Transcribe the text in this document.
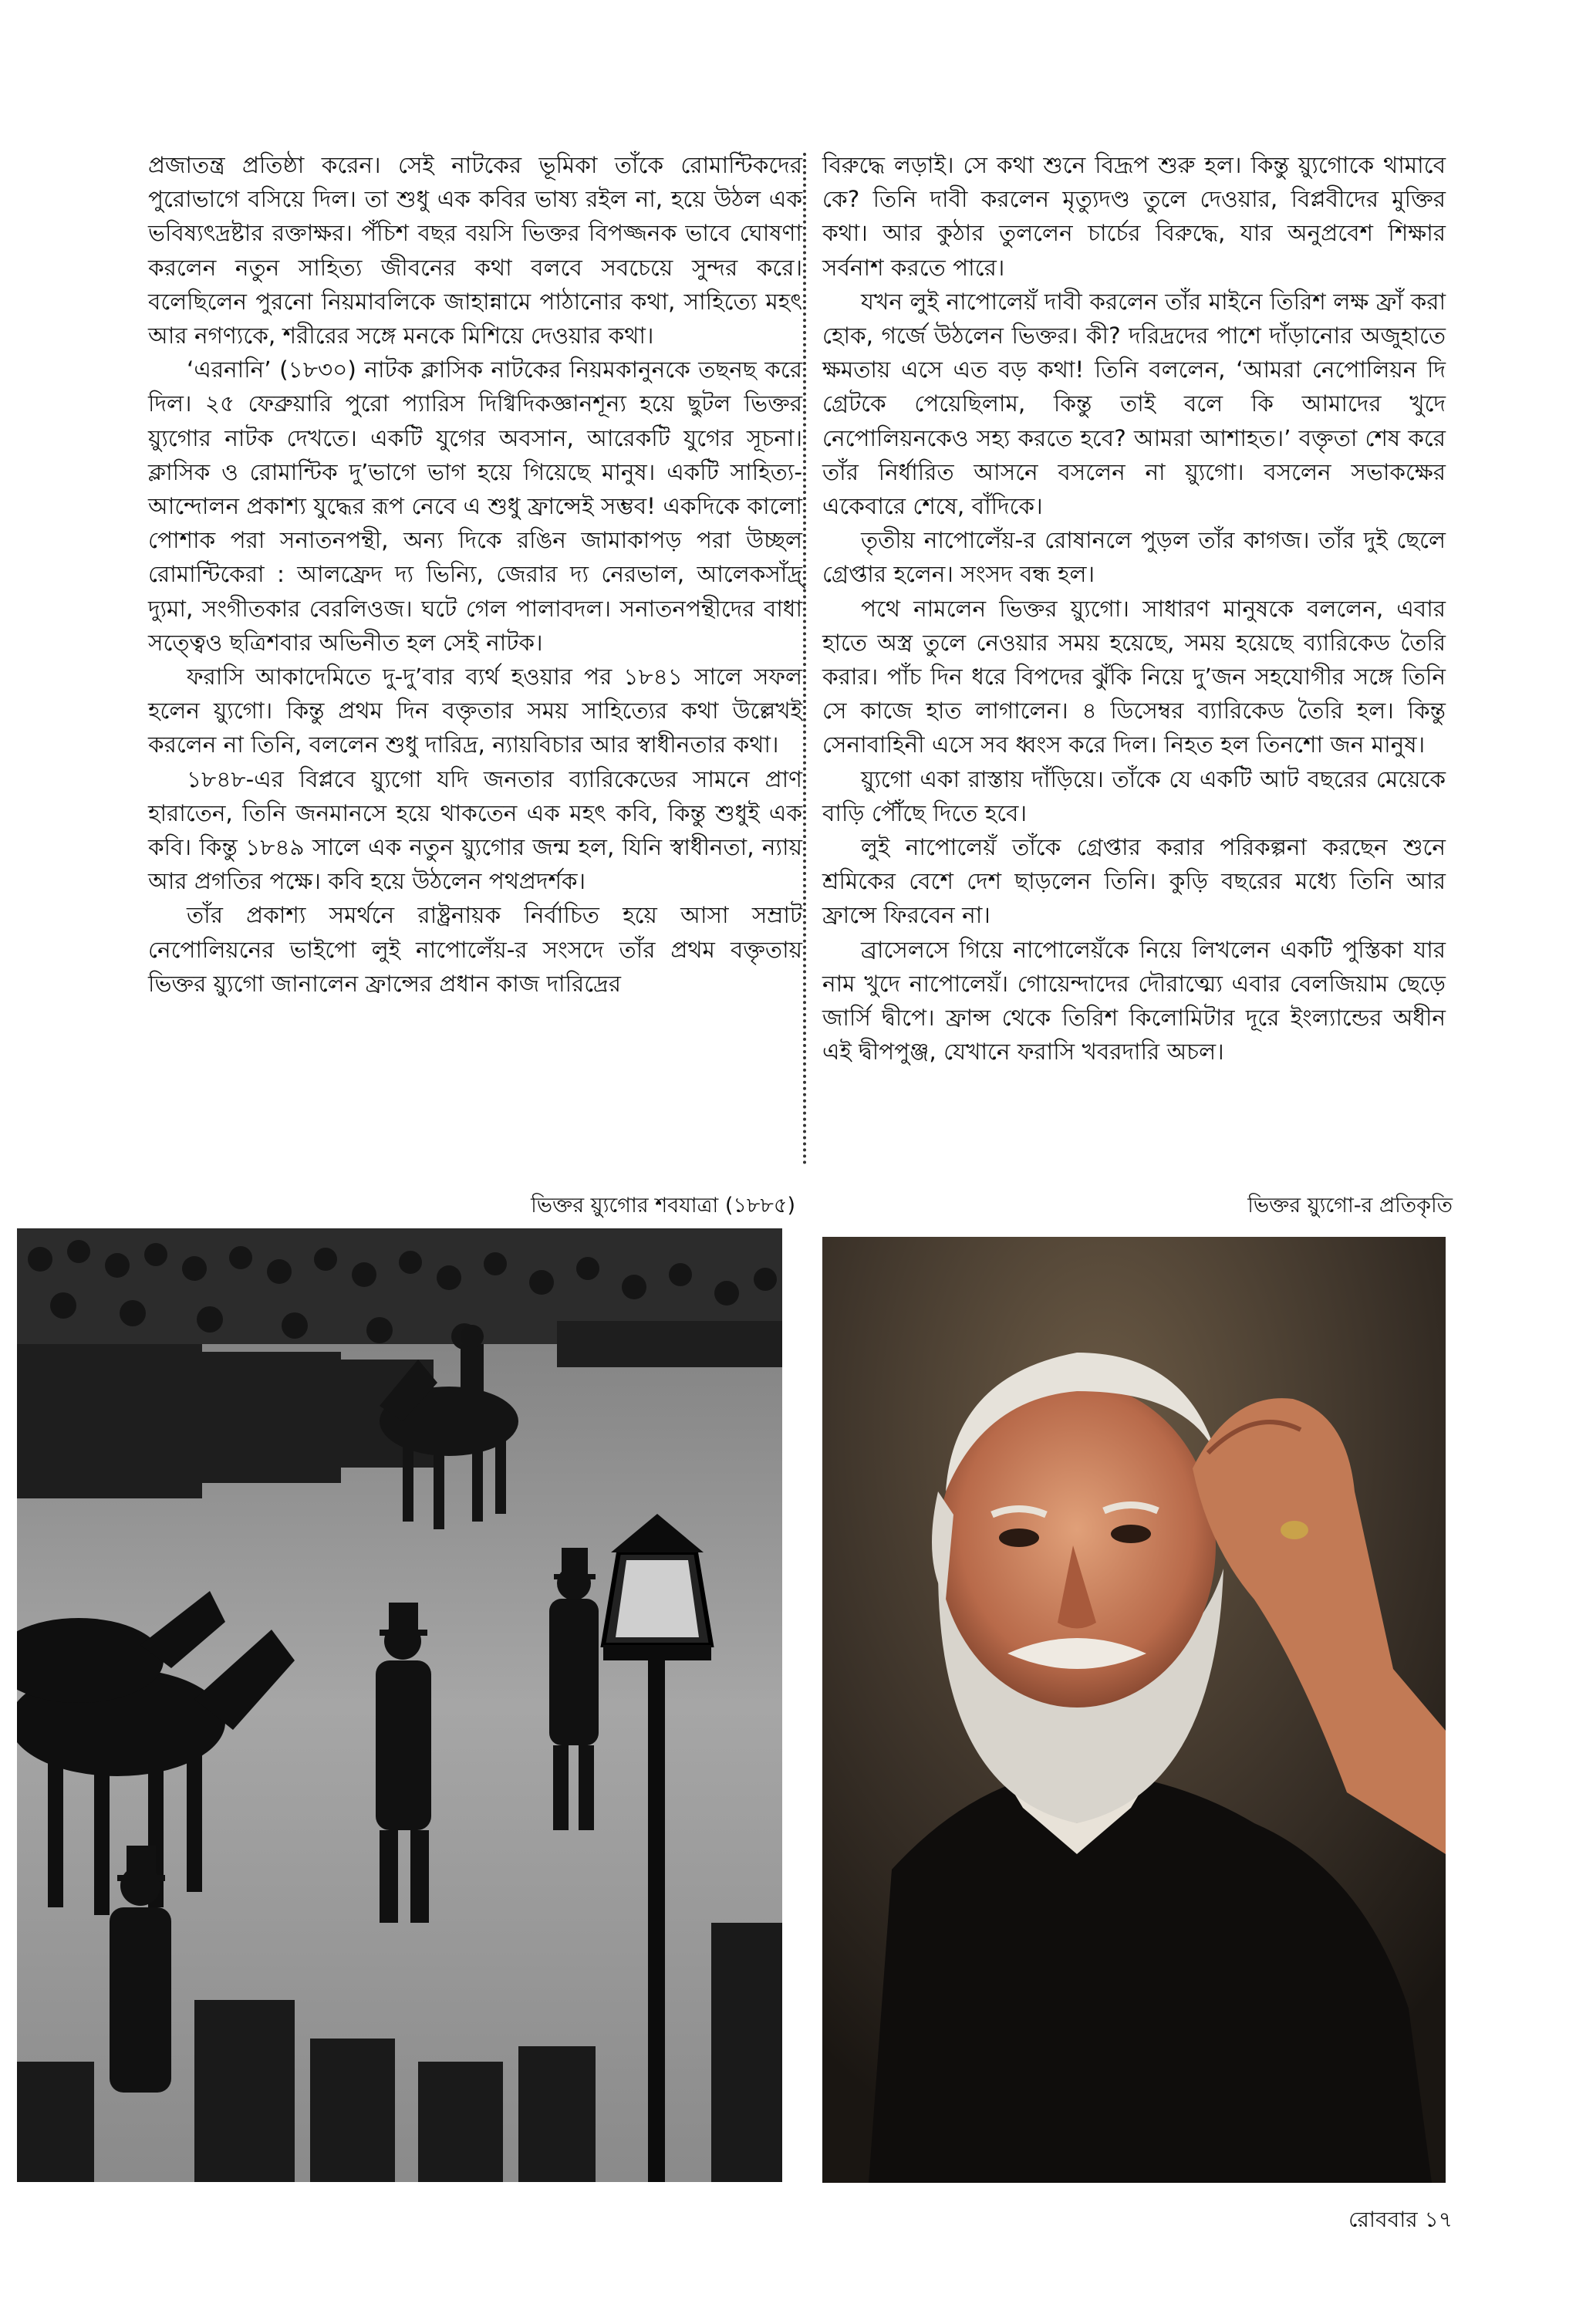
প্রজাতন্ত্র প্রতিষ্ঠা করেন। সেই নাটকের ভূমিকা তাঁকে রোমান্টিকদের পুরোভাগে বসিয়ে দিল। তা শুধু এক কবির ভাষ্য রইল না, হয়ে উঠল এক ভবিষ্যৎদ্রষ্টার রক্তাক্ষর। পঁচিশ বছর বয়সি ভিক্তর বিপজ্জনক ভাবে ঘোষণা করলেন নতুন সাহিত্য জীবনের কথা বলবে সবচেয়ে সুন্দর করে। বলেছিলেন পুরনো নিয়মাবলিকে জাহান্নামে পাঠানোর কথা, সাহিত্যে মহৎ আর নগণ্যকে, শরীরের সঙ্গে মনকে মিশিয়ে দেওয়ার কথা।

‘এরনানি’ (১৮৩০) নাটক ক্লাসিক নাটকের নিয়মকানুনকে তছনছ করে দিল। ২৫ ফেব্রুয়ারি পুরো প্যারিস দিগ্বিদিকজ্ঞানশূন্য হয়ে ছুটল ভিক্তর য়্যুগোর নাটক দেখতে। একটি যুগের অবসান, আরেকটি যুগের সূচনা। ক্লাসিক ও রোমান্টিক দু’ভাগে ভাগ হয়ে গিয়েছে মানুষ। একটি সাহিত্য-আন্দোলন প্রকাশ্য যুদ্ধের রূপ নেবে এ শুধু ফ্রান্সেই সম্ভব! একদিকে কালো পোশাক পরা সনাতনপন্থী, অন্য দিকে রঙিন জামাকাপড় পরা উচ্ছল রোমান্টিকেরা : আলফ্রেদ দ্য ভিন্যি, জেরার দ্য নেরভাল, আলেকসাঁদ্র্ দ্যুমা, সংগীতকার বেরলিওজ। ঘটে গেল পালাবদল। সনাতনপন্থীদের বাধা সত্ত্বেও ছত্রিশবার অভিনীত হল সেই নাটক।

ফরাসি আকাদেমিতে দু-দু’বার ব্যর্থ হওয়ার পর ১৮৪১ সালে সফল হলেন য়্যুগো। কিন্তু প্রথম দিন বক্তৃতার সময় সাহিত্যের কথা উল্লেখই করলেন না তিনি, বললেন শুধু দারিদ্র, ন্যায়বিচার আর স্বাধীনতার কথা।

১৮৪৮-এর বিপ্লবে য়্যুগো যদি জনতার ব্যারিকেডের সামনে প্রাণ হারাতেন, তিনি জনমানসে হয়ে থাকতেন এক মহৎ কবি, কিন্তু শুধুই এক কবি। কিন্তু ১৮৪৯ সালে এক নতুন য়্যুগোর জন্ম হল, যিনি স্বাধীনতা, ন্যায় আর প্রগতির পক্ষে। কবি হয়ে উঠলেন পথপ্রদর্শক।

তাঁর প্রকাশ্য সমর্থনে রাষ্ট্রনায়ক নির্বাচিত হয়ে আসা সম্রাট নেপোলিয়নের ভাইপো লুই নাপোলেঁয়-র সংসদে তাঁর প্রথম বক্তৃতায় ভিক্তর য়্যুগো জানালেন ফ্রান্সের প্রধান কাজ দারিদ্রের

বিরুদ্ধে লড়াই। সে কথা শুনে বিদ্রূপ শুরু হল। কিন্তু য়্যুগোকে থামাবে কে? তিনি দাবী করলেন মৃত্যুদণ্ড তুলে দেওয়ার, বিপ্লবীদের মুক্তির কথা। আর কুঠার তুললেন চার্চের বিরুদ্ধে, যার অনুপ্রবেশ শিক্ষার সর্বনাশ করতে পারে।

যখন লুই নাপোলেয়ঁ দাবী করলেন তাঁর মাইনে তিরিশ লক্ষ ফ্রাঁ করা হোক, গর্জে উঠলেন ভিক্তর। কী? দরিদ্রদের পাশে দাঁড়ানোর অজুহাতে ক্ষমতায় এসে এত বড় কথা! তিনি বললেন, ‘আমরা নেপোলিয়ন দি গ্রেটকে পেয়েছিলাম, কিন্তু তাই বলে কি আমাদের খুদে নেপোলিয়নকেও সহ্য করতে হবে? আমরা আশাহত।’ বক্তৃতা শেষ করে তাঁর নির্ধারিত আসনে বসলেন না য়্যুগো। বসলেন সভাকক্ষের একেবারে শেষে, বাঁদিকে।

তৃতীয় নাপোলেঁয়-র রোষানলে পুড়ল তাঁর কাগজ। তাঁর দুই ছেলে গ্রেপ্তার হলেন। সংসদ বন্ধ হল।

পথে নামলেন ভিক্তর য়্যুগো। সাধারণ মানুষকে বললেন, এবার হাতে অস্ত্র তুলে নেওয়ার সময় হয়েছে, সময় হয়েছে ব্যারিকেড তৈরি করার। পাঁচ দিন ধরে বিপদের ঝুঁকি নিয়ে দু’জন সহযোগীর সঙ্গে তিনি সে কাজে হাত লাগালেন। ৪ ডিসেম্বর ব্যারিকেড তৈরি হল। কিন্তু সেনাবাহিনী এসে সব ধ্বংস করে দিল। নিহত হল তিনশো জন মানুষ।

য়্যুগো একা রাস্তায় দাঁড়িয়ে। তাঁকে যে একটি আট বছরের মেয়েকে বাড়ি পৌঁছে দিতে হবে।

লুই নাপোলেয়ঁ তাঁকে গ্রেপ্তার করার পরিকল্পনা করছেন শুনে শ্রমিকের বেশে দেশ ছাড়লেন তিনি। কুড়ি বছরের মধ্যে তিনি আর ফ্রান্সে ফিরবেন না।

ব্রাসেলসে গিয়ে নাপোলেয়ঁকে নিয়ে লিখলেন একটি পুস্তিকা যার নাম খুদে নাপোলেয়ঁ। গোয়েন্দাদের দৌরাত্ম্যে এবার বেলজিয়াম ছেড়ে জার্সি দ্বীপে। ফ্রান্স থেকে তিরিশ কিলোমিটার দূরে ইংল্যান্ডের অধীন এই দ্বীপপুঞ্জ, যেখানে ফরাসি খবরদারি অচল।

ভিক্তর য়্যুগোর শবযাত্রা (১৮৮৫)	ভিক্তর য়্যুগো-র প্রতিকৃতি
রোববার ১৭
